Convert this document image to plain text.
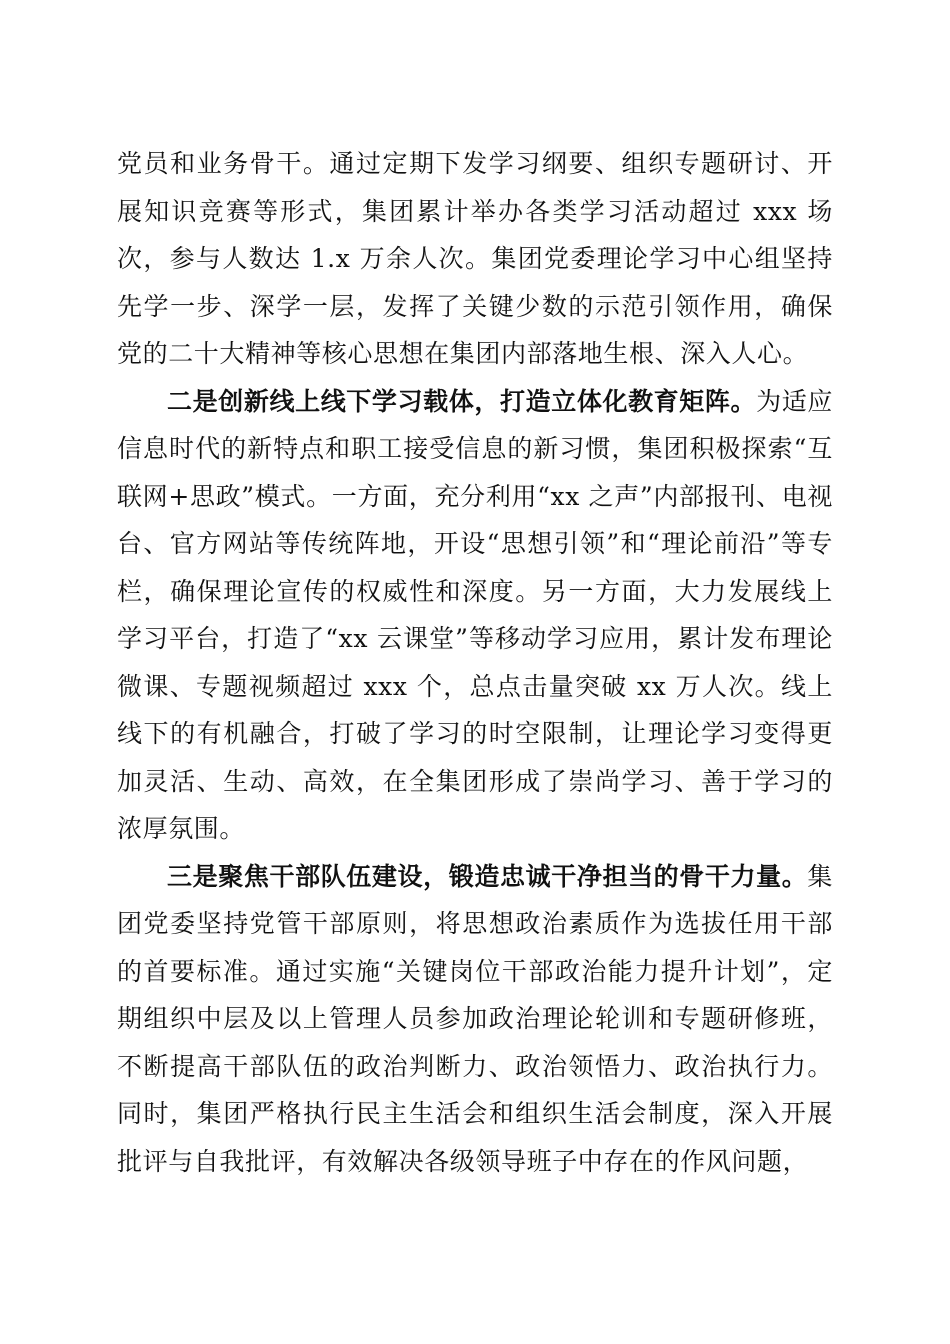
党员和业务骨干。通过定期下发学习纲要、组织专题研讨、开展知识竞赛等形式，集团累计举办各类学习活动超过 xxx 场次，参与人数达 1.x 万余人次。集团党委理论学习中心组坚持先学一步、深学一层，发挥了关键少数的示范引领作用，确保党的二十大精神等核心思想在集团内部落地生根、深入人心。

二是创新线上线下学习载体，打造立体化教育矩阵。为适应信息时代的新特点和职工接受信息的新习惯，集团积极探索“互联网+思政”模式。一方面，充分利用“xx 之声”内部报刊、电视台、官方网站等传统阵地，开设“思想引领”和“理论前沿”等专栏，确保理论宣传的权威性和深度。另一方面，大力发展线上学习平台，打造了“xx 云课堂”等移动学习应用，累计发布理论微课、专题视频超过 xxx 个，总点击量突破 xx 万人次。线上线下的有机融合，打破了学习的时空限制，让理论学习变得更加灵活、生动、高效，在全集团形成了崇尚学习、善于学习的浓厚氛围。

三是聚焦干部队伍建设，锻造忠诚干净担当的骨干力量。集团党委坚持党管干部原则，将思想政治素质作为选拔任用干部的首要标准。通过实施“关键岗位干部政治能力提升计划”，定期组织中层及以上管理人员参加政治理论轮训和专题研修班，不断提高干部队伍的政治判断力、政治领悟力、政治执行力。同时，集团严格执行民主生活会和组织生活会制度，深入开展批评与自我批评，有效解决各级领导班子中存在的作风问题，
